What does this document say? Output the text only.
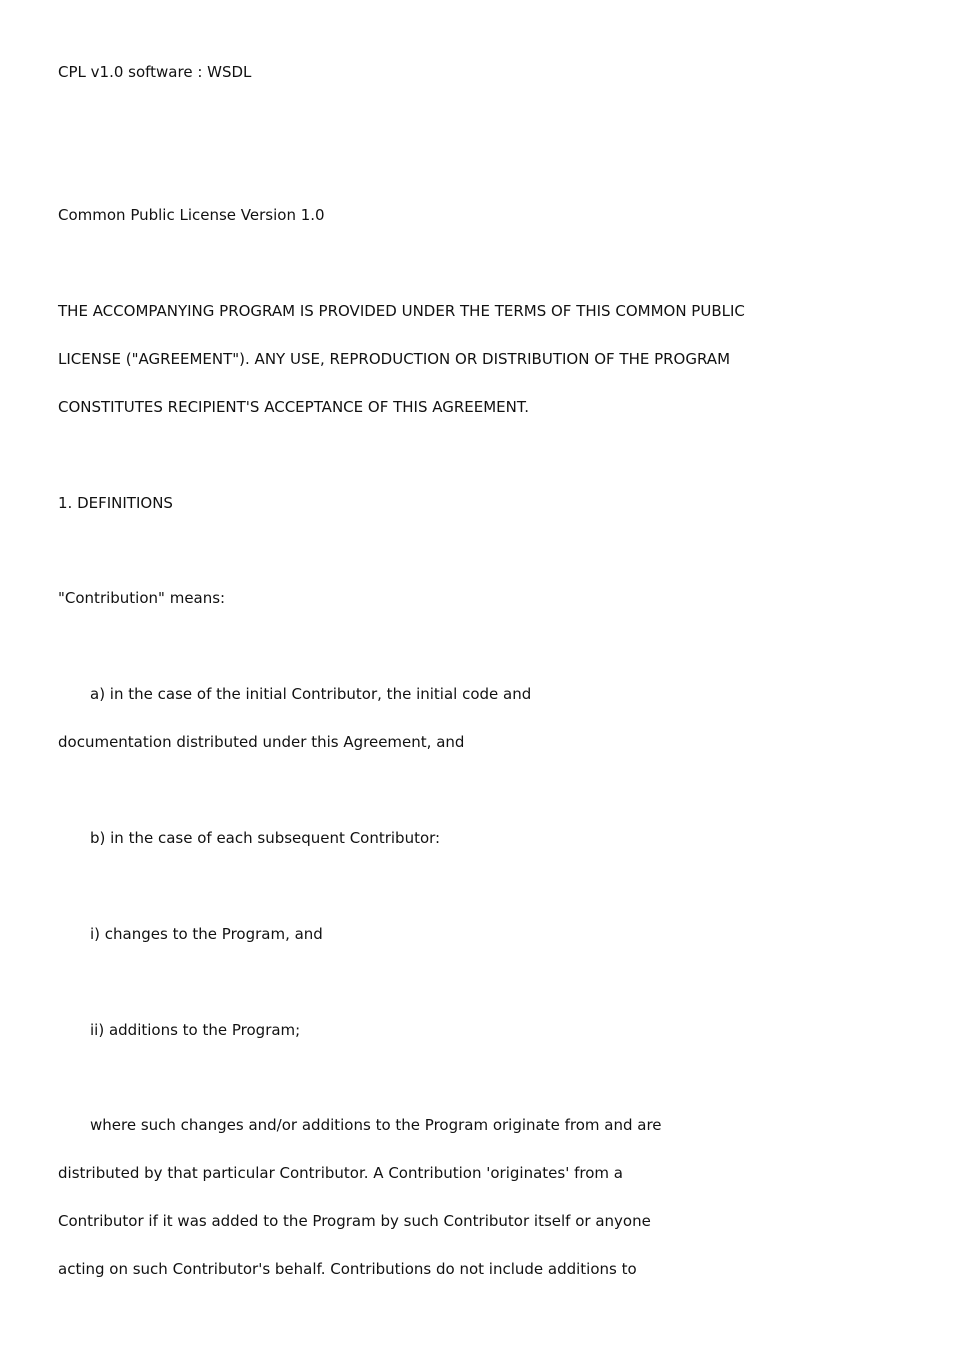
CPL v1.0 software : WSDL
Common Public License Version 1.0
THE ACCOMPANYING PROGRAM IS PROVIDED UNDER THE TERMS OF THIS COMMON PUBLIC
LICENSE ("AGREEMENT"). ANY USE, REPRODUCTION OR DISTRIBUTION OF THE PROGRAM
CONSTITUTES RECIPIENT'S ACCEPTANCE OF THIS AGREEMENT.
1. DEFINITIONS
"Contribution" means:
a) in the case of the initial Contributor, the initial code and
documentation distributed under this Agreement, and
b) in the case of each subsequent Contributor:
i) changes to the Program, and
ii) additions to the Program;
where such changes and/or additions to the Program originate from and are
distributed by that particular Contributor. A Contribution 'originates' from a
Contributor if it was added to the Program by such Contributor itself or anyone
acting on such Contributor's behalf. Contributions do not include additions to
